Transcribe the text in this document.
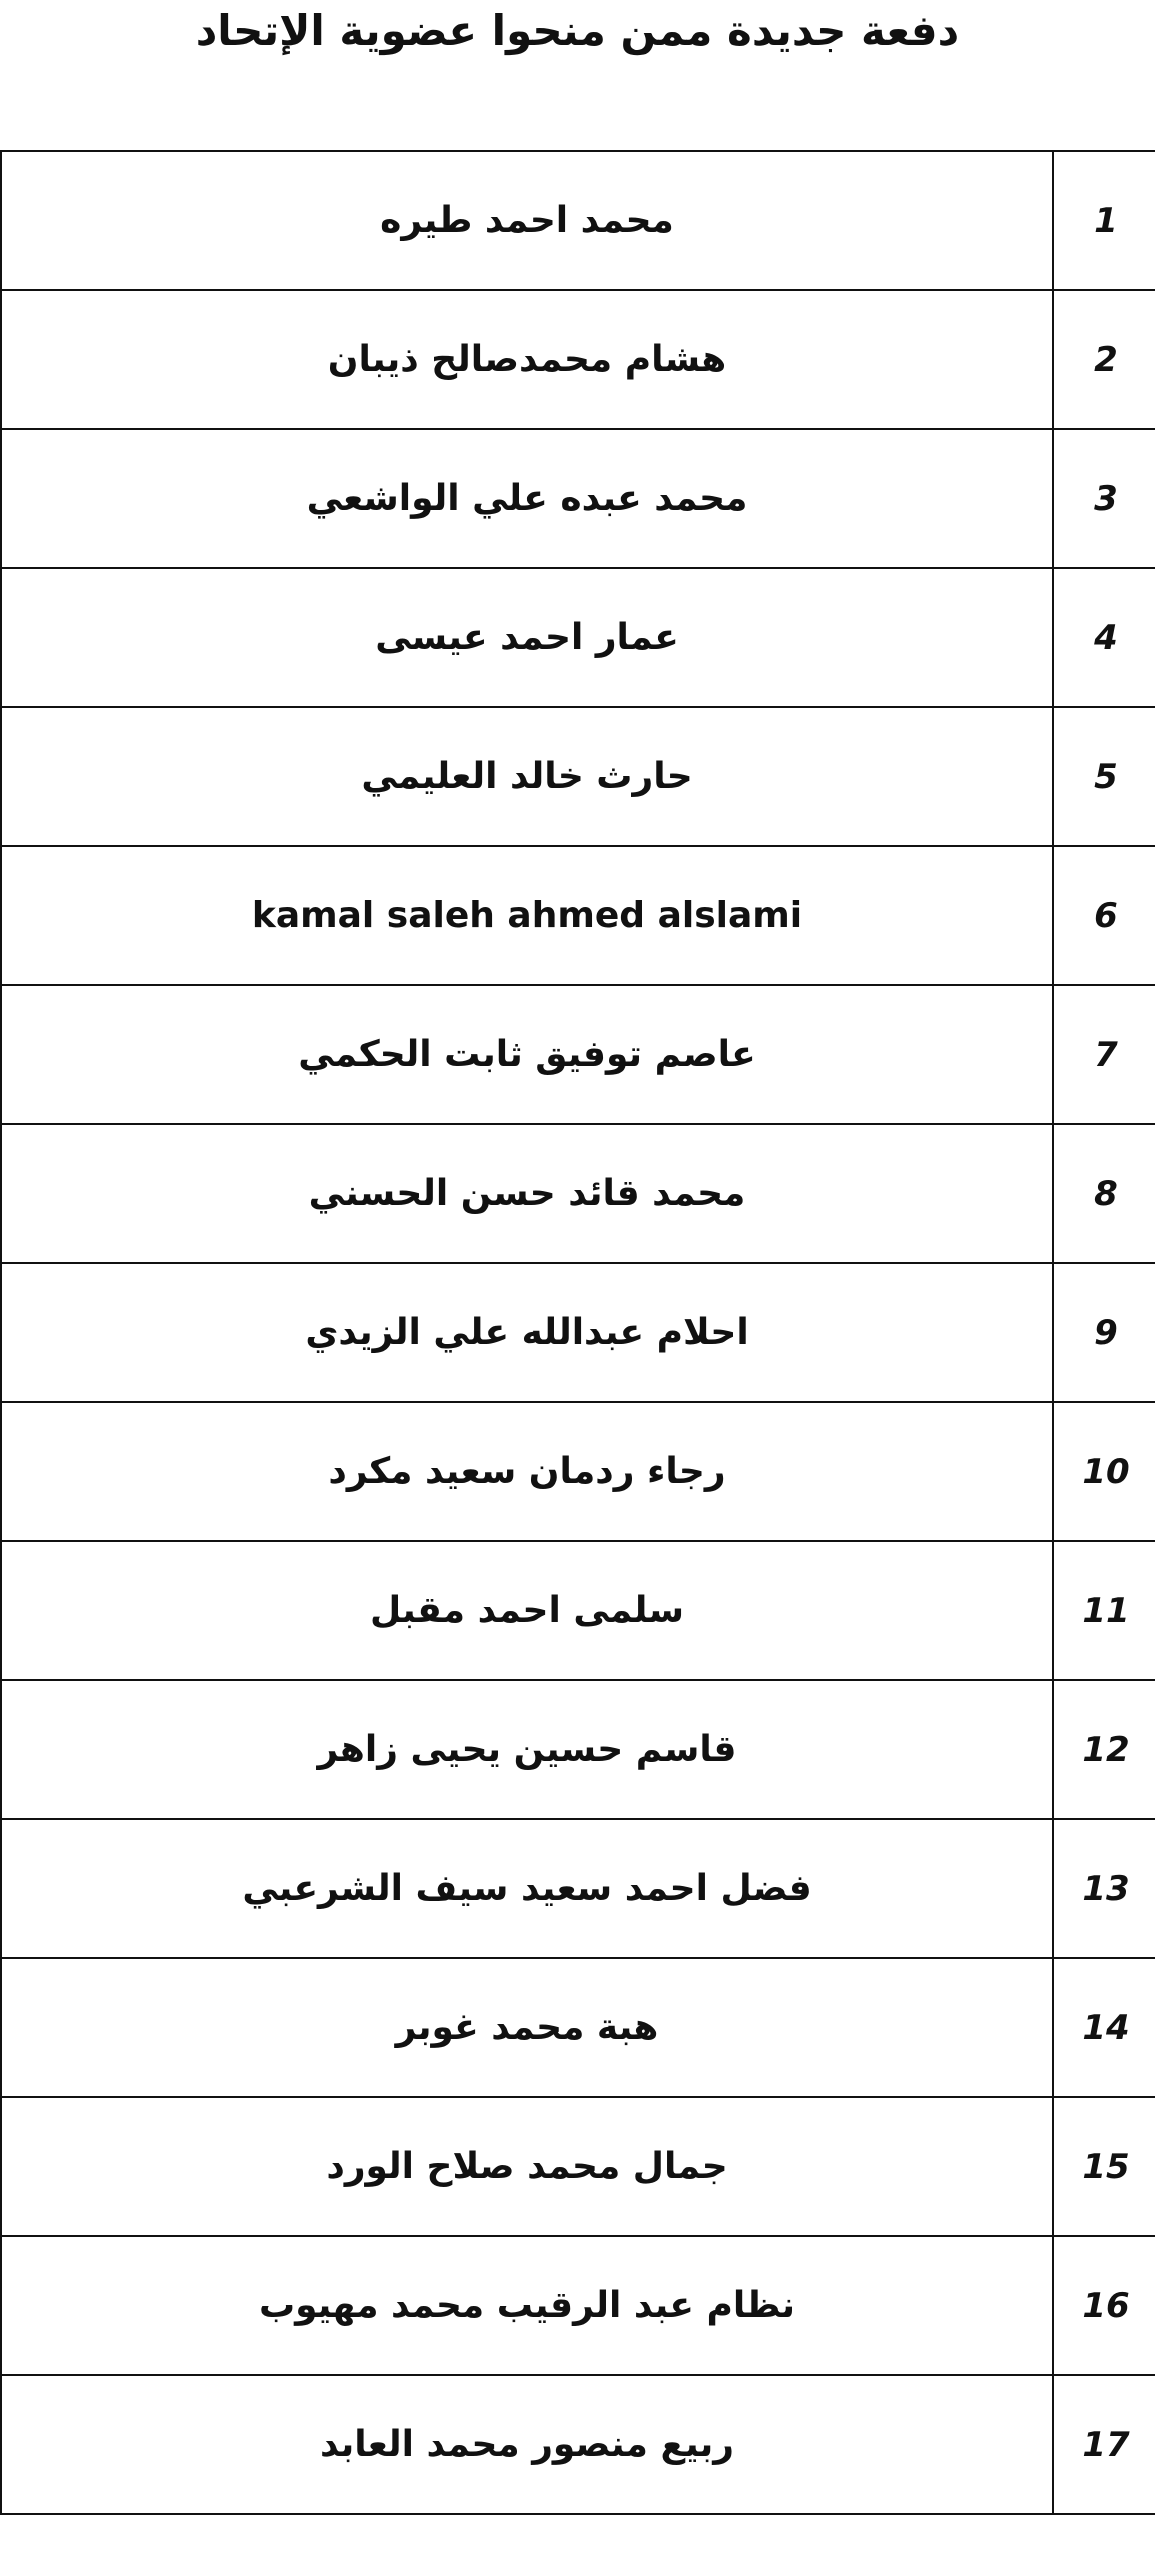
دفعة جديدة ممن منحوا عضوية الإتحاد
محمد احمد طيره	1
هشام محمدصالح ذيبان	2
محمد عبده علي الواشعي	3
عمار احمد عيسى	4
حارث خالد العليمي	5
kamal saleh ahmed alslami	6
عاصم توفيق ثابت الحكمي	7
محمد قائد حسن الحسني	8
احلام عبدالله علي الزيدي	9
رجاء ردمان سعيد مكرد	10
سلمى احمد مقبل	11
قاسم حسين يحيى زاهر	12
فضل احمد سعيد سيف الشرعبي	13
هبة محمد غوبر	14
جمال محمد صلاح الورد	15
نظام عبد الرقيب محمد مهيوب	16
ربيع منصور محمد العابد	17
